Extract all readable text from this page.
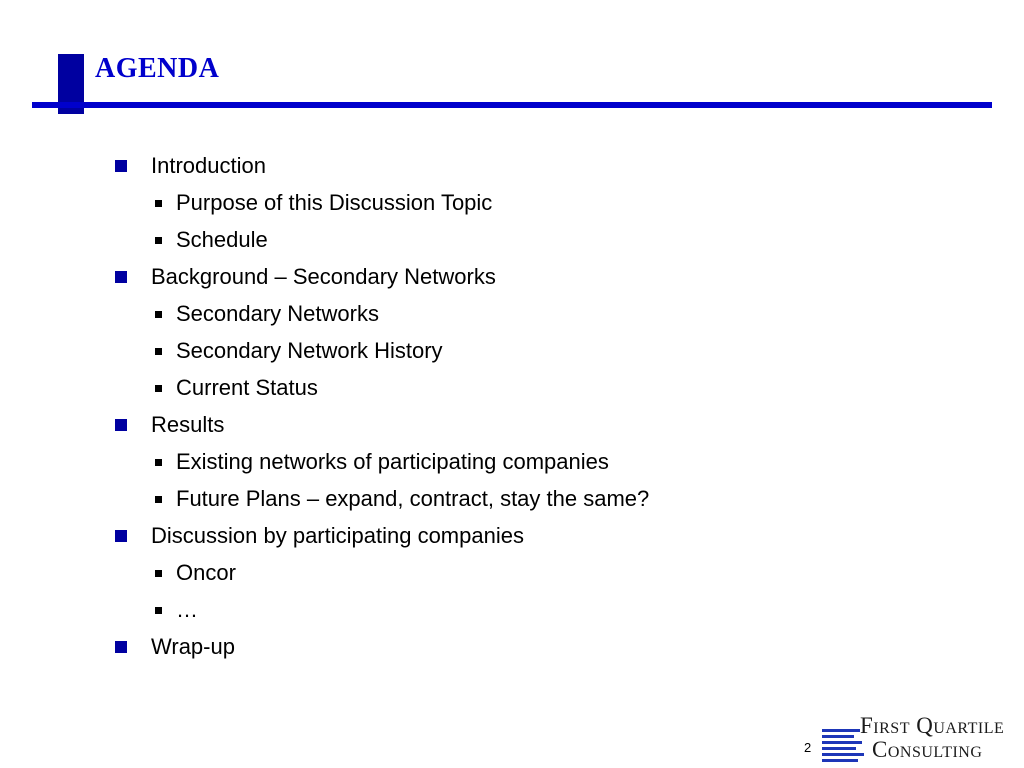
AGENDA
Introduction
Purpose of this Discussion Topic
Schedule
Background – Secondary Networks
Secondary Networks
Secondary Network History
Current Status
Results
Existing networks of participating companies
Future Plans – expand, contract, stay the same?
Discussion by participating companies
Oncor
…
Wrap-up
2
First Quartile
Consulting
